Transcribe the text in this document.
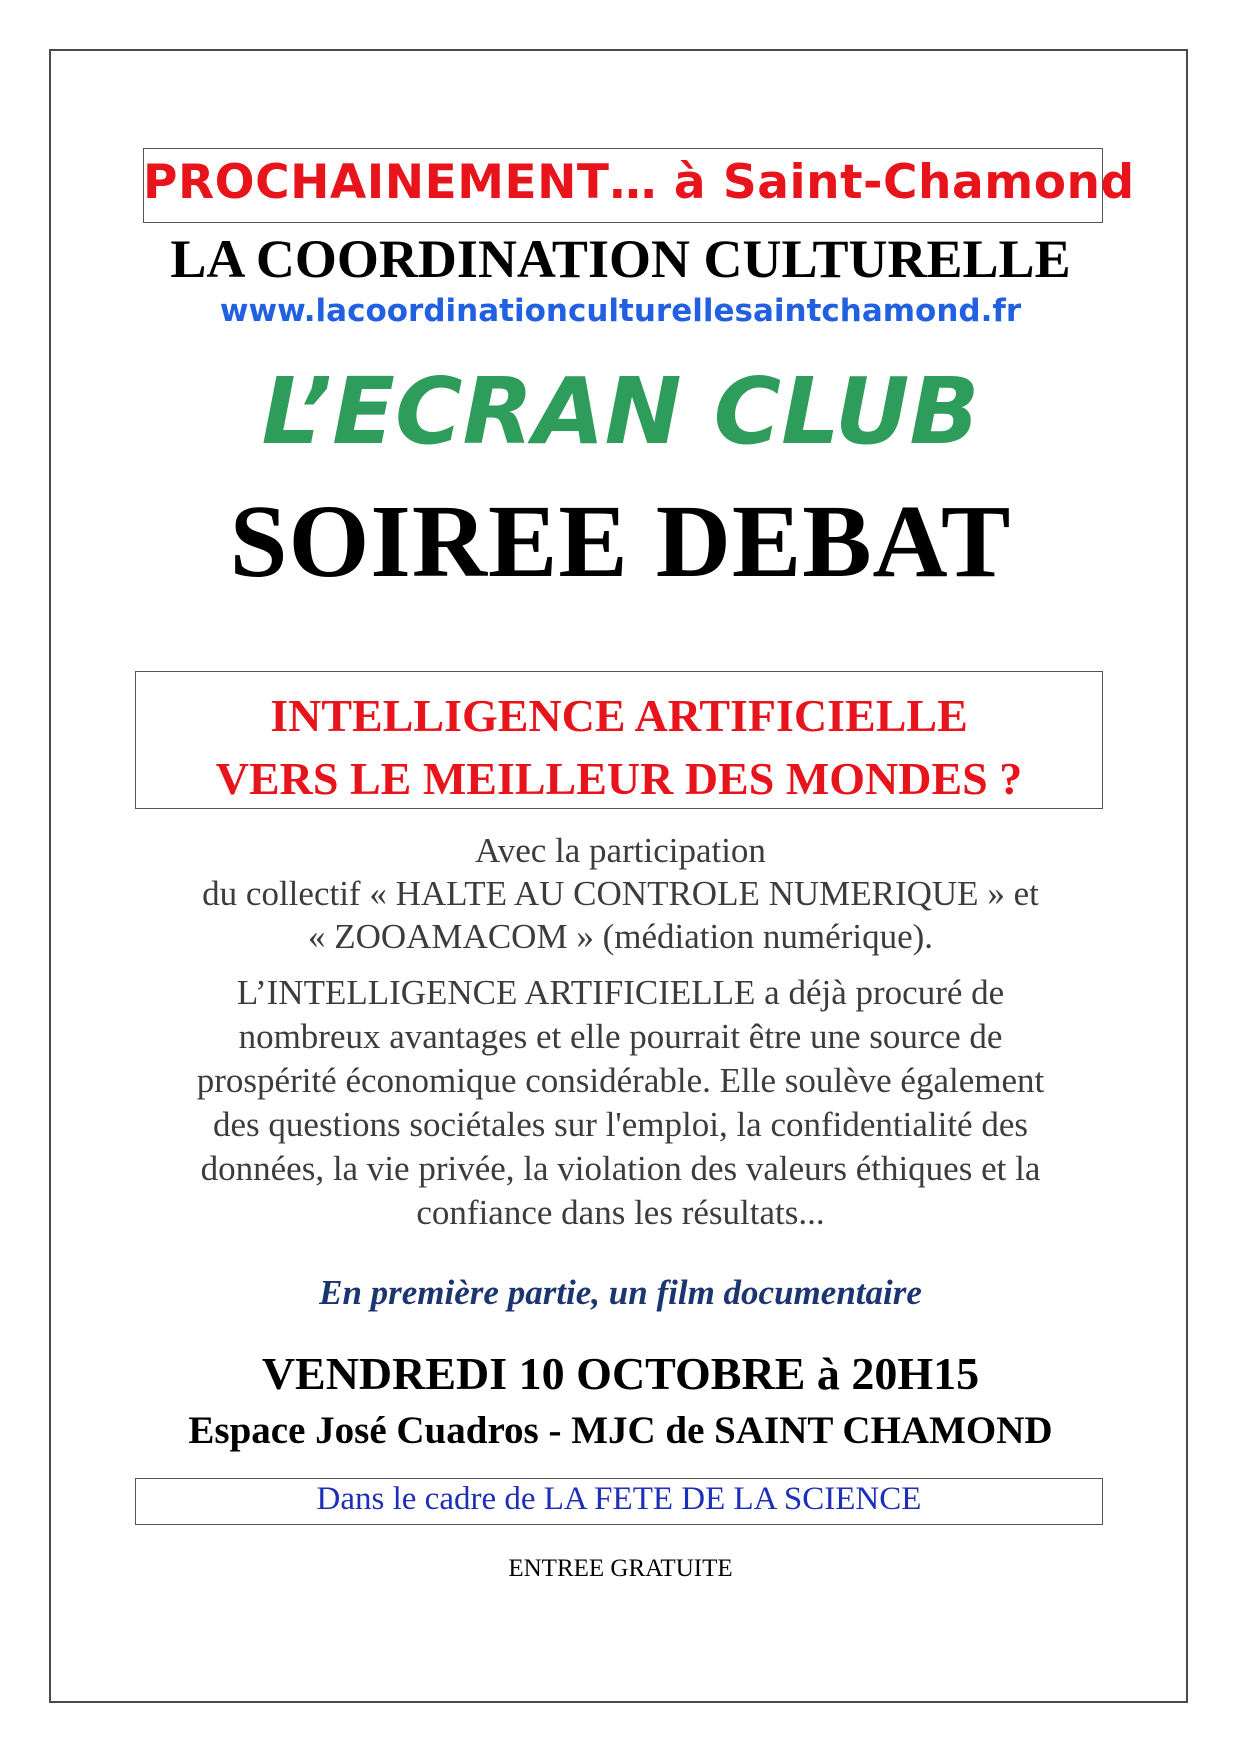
PROCHAINEMENT… à Saint-Chamond
LA COORDINATION CULTURELLE
www.lacoordinationculturellesaintchamond.fr
L’ECRAN CLUB
SOIREE DEBAT
INTELLIGENCE ARTIFICIELLE
VERS LE MEILLEUR DES MONDES ?
Avec la participation
du collectif « HALTE AU CONTROLE NUMERIQUE » et
« ZOOAMACOM » (médiation numérique).
L’INTELLIGENCE ARTIFICIELLE a déjà procuré de
nombreux avantages et elle pourrait être une source de
prospérité économique considérable. Elle soulève également
des questions sociétales sur l'emploi, la confidentialité des
données, la vie privée, la violation des valeurs éthiques et la
confiance dans les résultats...
En première partie, un film documentaire
VENDREDI 10 OCTOBRE à 20H15
Espace José Cuadros - MJC de SAINT CHAMOND
Dans le cadre de LA FETE DE LA SCIENCE
ENTREE GRATUITE
